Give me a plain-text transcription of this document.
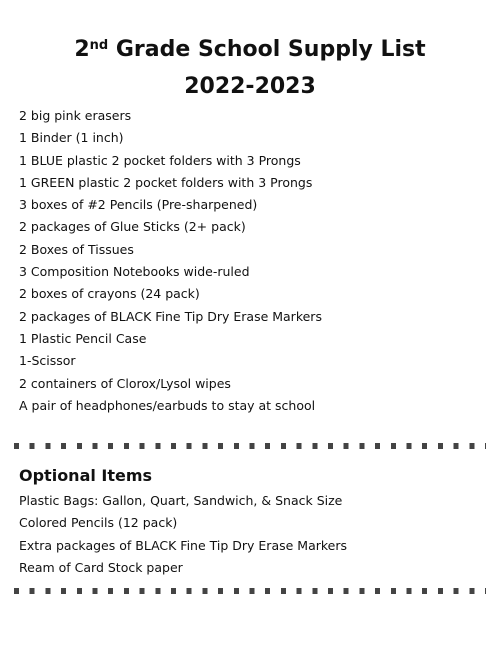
2nd Grade School Supply List
2022-2023
2 big pink erasers
1 Binder (1 inch)
1 BLUE plastic 2 pocket folders with 3 Prongs
1 GREEN plastic 2 pocket folders with 3 Prongs
3 boxes of #2 Pencils (Pre-sharpened)
2 packages of Glue Sticks (2+ pack)
2 Boxes of Tissues
3 Composition Notebooks wide-ruled
2 boxes of crayons (24 pack)
2 packages of BLACK Fine Tip Dry Erase Markers
1 Plastic Pencil Case
1-Scissor
2 containers of Clorox/Lysol wipes
A pair of headphones/earbuds to stay at school
Optional Items
Plastic Bags: Gallon, Quart, Sandwich, & Snack Size
Colored Pencils (12 pack)
Extra packages of BLACK Fine Tip Dry Erase Markers
Ream of Card Stock paper
